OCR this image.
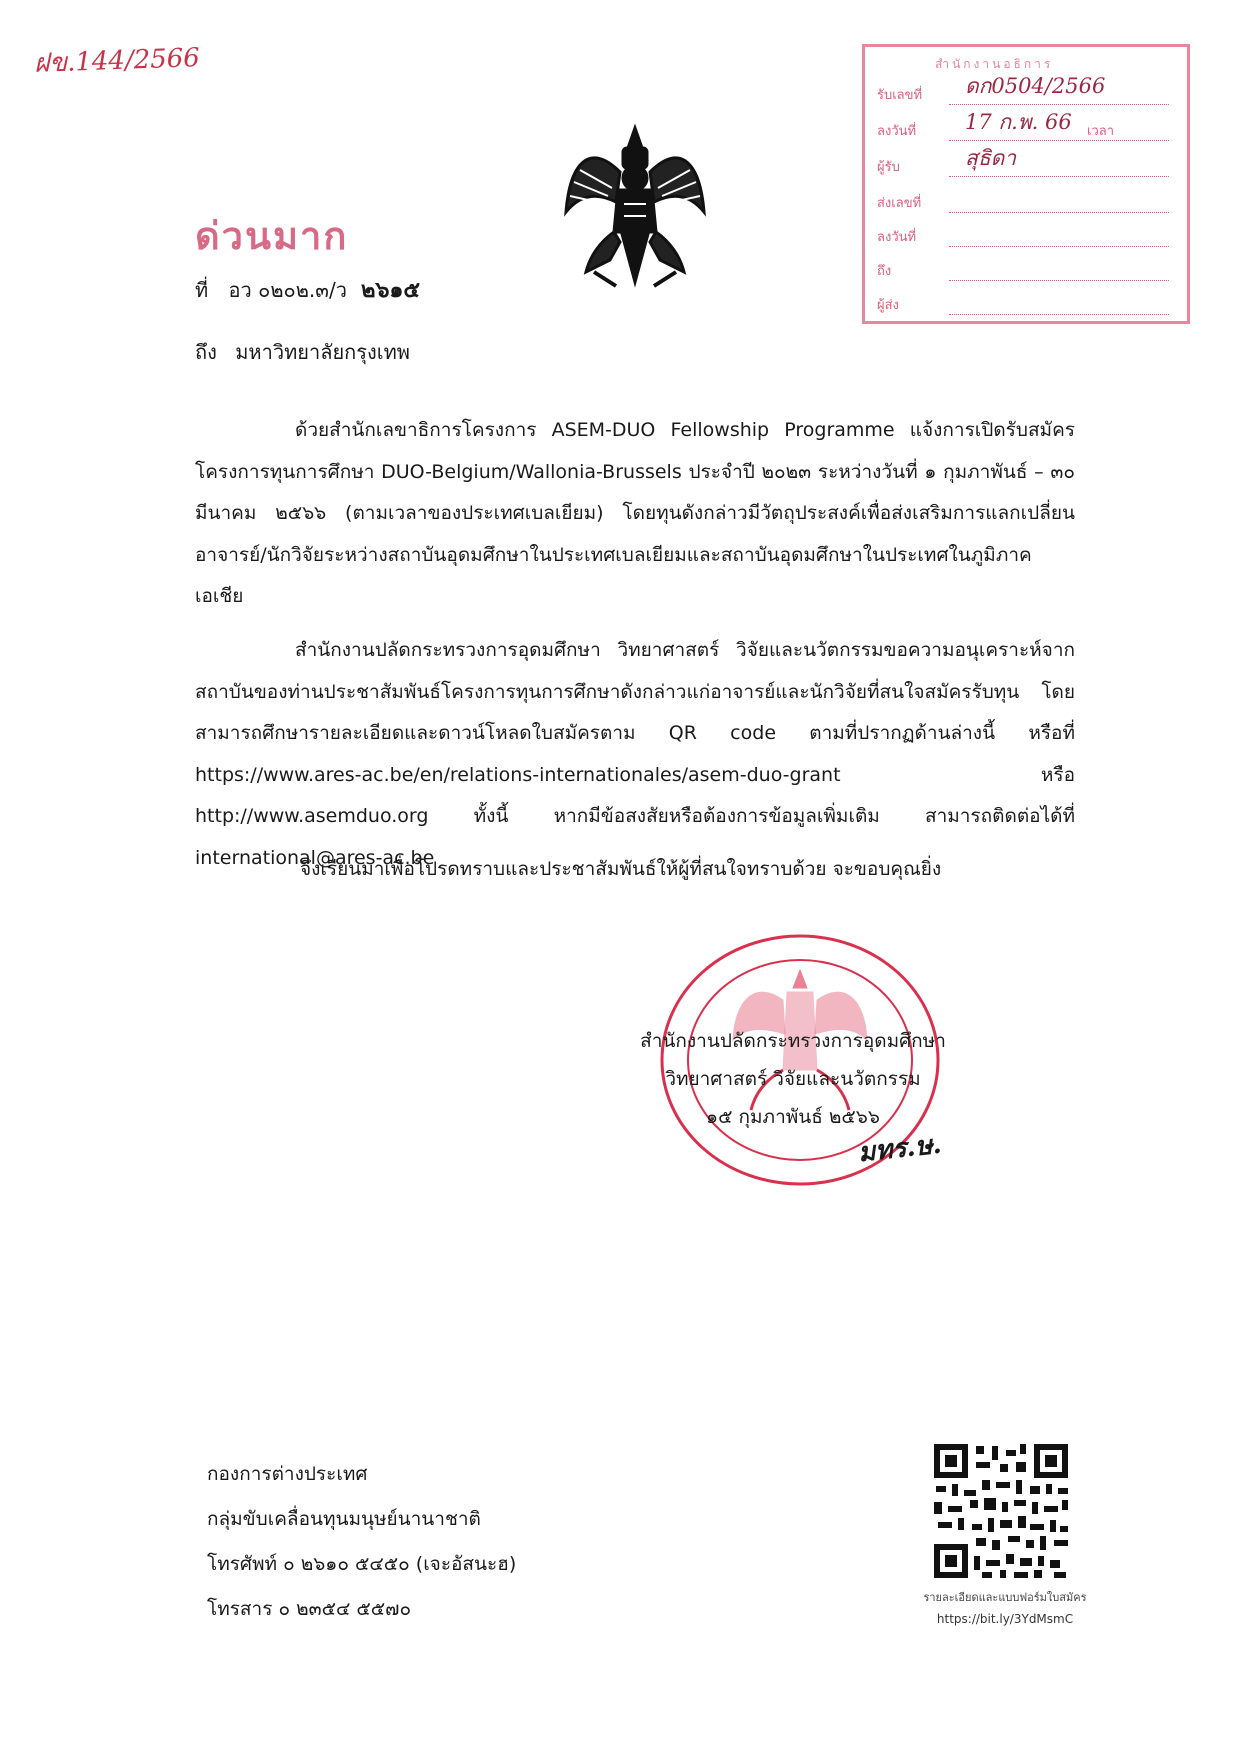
ฝข.144/2566
ด่วนมาก
ที่ อว ๐๒๐๒.๓/ว ๒๖๑๕
ถึง มหาวิทยาลัยกรุงเทพ
สำนักงานอธิการ
รับเลขที่ ดก0504/2566
ลงวันที่ 17 ก.พ. 66 เวลา
ผู้รับ	สุธิดา
ส่งเลขที่
ลงวันที่
ถึง
ผู้ส่ง
ด้วยสำนักเลขาธิการโครงการ ASEM-DUO Fellowship Programme แจ้งการเปิดรับสมัครโครงการทุนการศึกษา DUO-Belgium/Wallonia-Brussels ประจำปี ๒๐๒๓ ระหว่างวันที่ ๑ กุมภาพันธ์ – ๓๐ มีนาคม ๒๕๖๖ (ตามเวลาของประเทศเบลเยียม) โดยทุนดังกล่าวมีวัตถุประสงค์เพื่อส่งเสริมการแลกเปลี่ยนอาจารย์/นักวิจัยระหว่างสถาบันอุดมศึกษาในประเทศเบลเยียมและสถาบันอุดมศึกษาในประเทศในภูมิภาคเอเชีย
สำนักงานปลัดกระทรวงการอุดมศึกษา วิทยาศาสตร์ วิจัยและนวัตกรรมขอความอนุเคราะห์จากสถาบันของท่านประชาสัมพันธ์โครงการทุนการศึกษาดังกล่าวแก่อาจารย์และนักวิจัยที่สนใจสมัครรับทุน โดยสามารถศึกษารายละเอียดและดาวน์โหลดใบสมัครตาม QR code ตามที่ปรากฏด้านล่างนี้ หรือที่ https://www.ares-ac.be/en/relations-internationales/asem-duo-grant หรือ http://www.asemduo.org ทั้งนี้ หากมีข้อสงสัยหรือต้องการข้อมูลเพิ่มเติม สามารถติดต่อได้ที่ international@ares-ac.be
จึงเรียนมาเพื่อโปรดทราบและประชาสัมพันธ์ให้ผู้ที่สนใจทราบด้วย จะขอบคุณยิ่ง
สำนักงานปลัดกระทรวงการอุดมศึกษา
วิทยาศาสตร์ วิจัยและนวัตกรรม
๑๕ กุมภาพันธ์ ๒๕๖๖
มทร.ษ.
กองการต่างประเทศ
กลุ่มขับเคลื่อนทุนมนุษย์นานาชาติ
โทรศัพท์ ๐ ๒๖๑๐ ๕๔๕๐ (เจะอัสนะฮ)
โทรสาร ๐ ๒๓๕๔ ๕๕๗๐
รายละเอียดและแบบฟอร์มใบสมัคร
https://bit.ly/3YdMsmC
